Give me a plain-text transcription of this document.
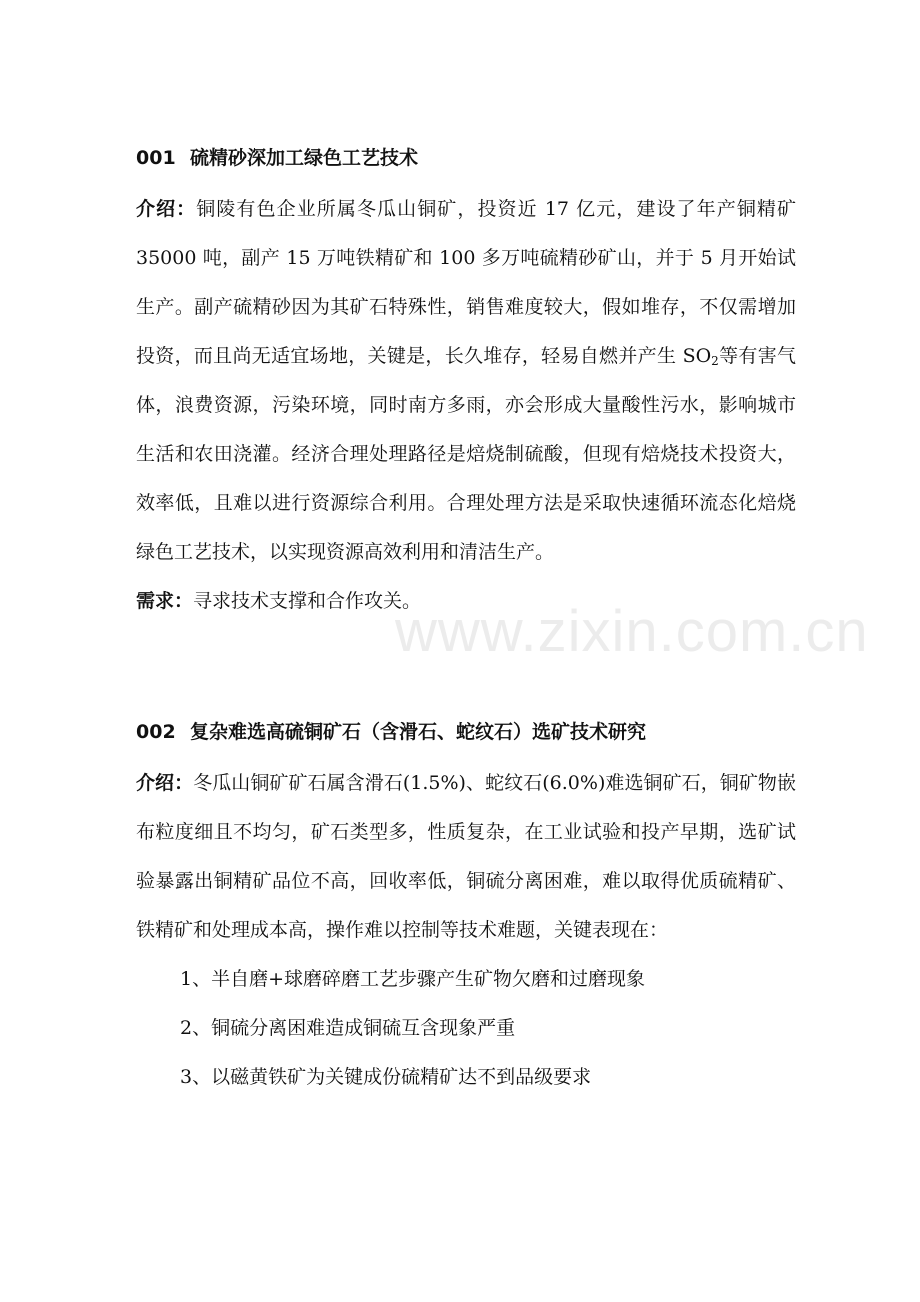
www.zixin.com.cn
001 硫精砂深加工绿色工艺技术
介绍：铜陵有色企业所属冬瓜山铜矿，投资近 17 亿元，建设了年产铜精矿 35000 吨，副产 15 万吨铁精矿和 100 多万吨硫精砂矿山，并于 5 月开始试生产。副产硫精砂因为其矿石特殊性，销售难度较大，假如堆存，不仅需增加投资，而且尚无适宜场地，关键是，长久堆存，轻易自燃并产生 $SO_2$等有害气体，浪费资源，污染环境，同时南方多雨，亦会形成大量酸性污水，影响城市生活和农田浇灌。经济合理处理路径是焙烧制硫酸，但现有焙烧技术投资大，效率低，且难以进行资源综合利用。合理处理方法是采取快速循环流态化焙烧绿色工艺技术，以实现资源高效利用和清洁生产。
需求：寻求技术支撑和合作攻关。
002 复杂难选高硫铜矿石（含滑石、蛇纹石）选矿技术研究
介绍：冬瓜山铜矿矿石属含滑石(1.5%)、蛇纹石(6.0%)难选铜矿石，铜矿物嵌布粒度细且不均匀，矿石类型多，性质复杂，在工业试验和投产早期，选矿试验暴露出铜精矿品位不高，回收率低，铜硫分离困难，难以取得优质硫精矿、铁精矿和处理成本高，操作难以控制等技术难题，关键表现在：
1、半自磨+球磨碎磨工艺步骤产生矿物欠磨和过磨现象
2、铜硫分离困难造成铜硫互含现象严重
3、以磁黄铁矿为关键成份硫精矿达不到品级要求
